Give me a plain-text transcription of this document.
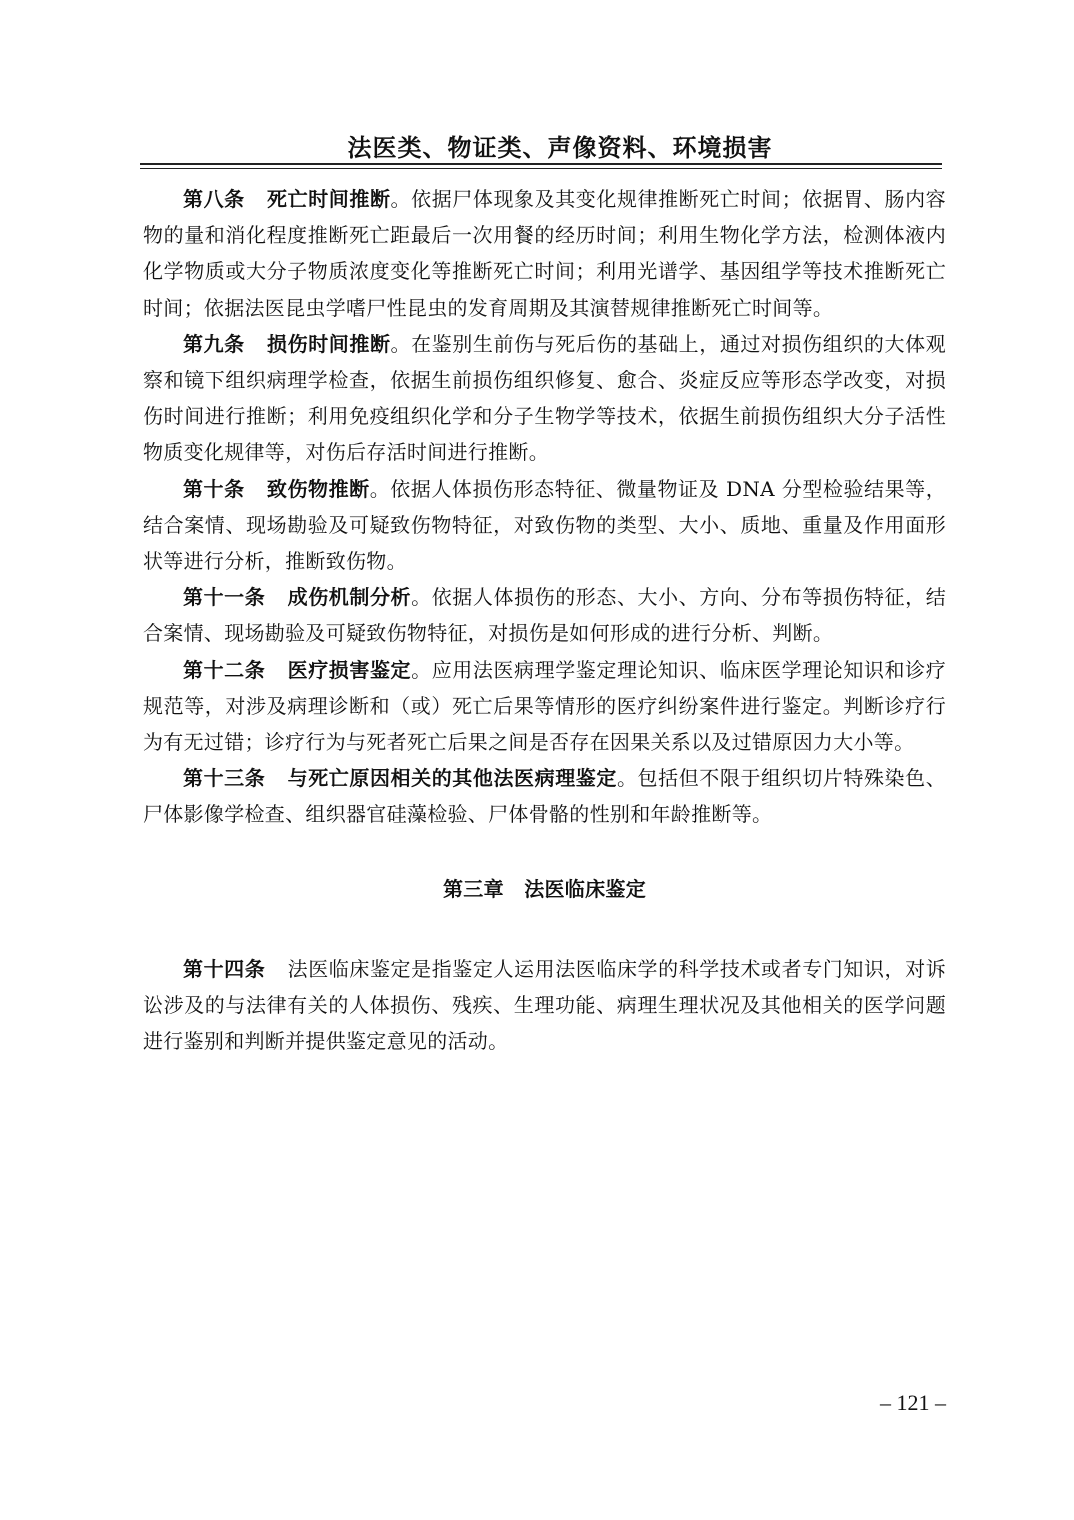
法医类、物证类、声像资料、环境损害

第八条 死亡时间推断。依据尸体现象及其变化规律推断死亡时间；依据胃、肠内容物的量和消化程度推断死亡距最后一次用餐的经历时间；利用生物化学方法，检测体液内化学物质或大分子物质浓度变化等推断死亡时间；利用光谱学、基因组学等技术推断死亡时间；依据法医昆虫学嗜尸性昆虫的发育周期及其演替规律推断死亡时间等。

第九条 损伤时间推断。在鉴别生前伤与死后伤的基础上，通过对损伤组织的大体观察和镜下组织病理学检查，依据生前损伤组织修复、愈合、炎症反应等形态学改变，对损伤时间进行推断；利用免疫组织化学和分子生物学等技术，依据生前损伤组织大分子活性物质变化规律等，对伤后存活时间进行推断。

第十条 致伤物推断。依据人体损伤形态特征、微量物证及 DNA 分型检验结果等，结合案情、现场勘验及可疑致伤物特征，对致伤物的类型、大小、质地、重量及作用面形状等进行分析，推断致伤物。

第十一条 成伤机制分析。依据人体损伤的形态、大小、方向、分布等损伤特征，结合案情、现场勘验及可疑致伤物特征，对损伤是如何形成的进行分析、判断。

第十二条 医疗损害鉴定。应用法医病理学鉴定理论知识、临床医学理论知识和诊疗规范等，对涉及病理诊断和（或）死亡后果等情形的医疗纠纷案件进行鉴定。判断诊疗行为有无过错；诊疗行为与死者死亡后果之间是否存在因果关系以及过错原因力大小等。

第十三条 与死亡原因相关的其他法医病理鉴定。包括但不限于组织切片特殊染色、尸体影像学检查、组织器官硅藻检验、尸体骨骼的性别和年龄推断等。

第三章　法医临床鉴定

第十四条 法医临床鉴定是指鉴定人运用法医临床学的科学技术或者专门知识，对诉讼涉及的与法律有关的人体损伤、残疾、生理功能、病理生理状况及其他相关的医学问题进行鉴别和判断并提供鉴定意见的活动。

– 121 –
